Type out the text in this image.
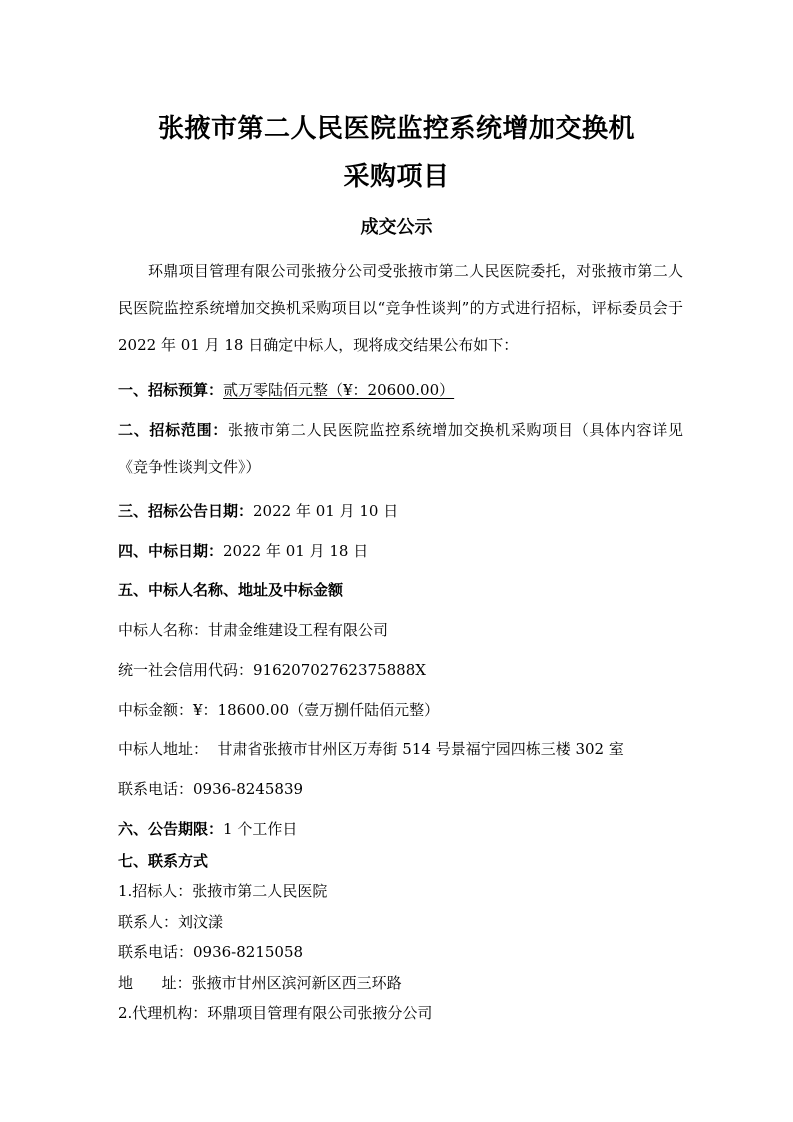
张掖市第二人民医院监控系统增加交换机
采购项目
成交公示
环鼎项目管理有限公司张掖分公司受张掖市第二人民医院委托，对张掖市第二人民医院监控系统增加交换机采购项目以“竞争性谈判”的方式进行招标，评标委员会于 2022 年 01 月 18 日确定中标人，现将成交结果公布如下：
一、招标预算：贰万零陆佰元整（¥：20600.00）
二、招标范围：张掖市第二人民医院监控系统增加交换机采购项目（具体内容详见《竞争性谈判文件》）
三、招标公告日期：2022 年 01 月 10 日
四、中标日期：2022 年 01 月 18 日
五、中标人名称、地址及中标金额
中标人名称：甘肃金维建设工程有限公司
统一社会信用代码：91620702762375888X
中标金额：¥：18600.00（壹万捌仟陆佰元整）
中标人地址：  甘肃省张掖市甘州区万寿街 514 号景福宁园四栋三楼 302 室
联系电话：0936-8245839
六、公告期限：1 个工作日
七、联系方式
1.招标人：张掖市第二人民医院
联系人：刘汶漾
联系电话：0936-8215058
地      址：张掖市甘州区滨河新区西三环路
2.代理机构：环鼎项目管理有限公司张掖分公司
